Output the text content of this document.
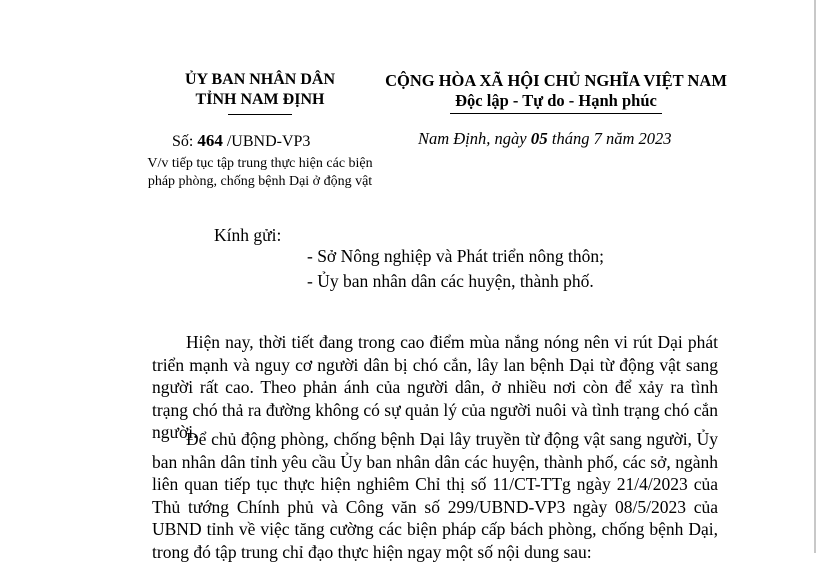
ỦY BAN NHÂN DÂN
TỈNH NAM ĐỊNH
Số: 464 /UBND-VP3
V/v tiếp tục tập trung thực hiện các biện
pháp phòng, chống bệnh Dại ở động vật
CỘNG HÒA XÃ HỘI CHỦ NGHĨA VIỆT NAM
Độc lập - Tự do - Hạnh phúc
Nam Định, ngày 05 tháng 7 năm 2023
Kính gửi:
- Sở Nông nghiệp và Phát triển nông thôn;
- Ủy ban nhân dân các huyện, thành phố.
Hiện nay, thời tiết đang trong cao điểm mùa nắng nóng nên vi rút Dại phát triển mạnh và nguy cơ người dân bị chó cắn, lây lan bệnh Dại từ động vật sang người rất cao. Theo phản ánh của người dân, ở nhiều nơi còn để xảy ra tình trạng chó thả ra đường không có sự quản lý của người nuôi và tình trạng chó cắn người.
Để chủ động phòng, chống bệnh Dại lây truyền từ động vật sang người, Ủy ban nhân dân tỉnh yêu cầu Ủy ban nhân dân các huyện, thành phố, các sở, ngành liên quan tiếp tục thực hiện nghiêm Chỉ thị số 11/CT-TTg ngày 21/4/2023 của Thủ tướng Chính phủ và Công văn số 299/UBND-VP3 ngày 08/5/2023 của UBND tỉnh về việc tăng cường các biện pháp cấp bách phòng, chống bệnh Dại, trong đó tập trung chỉ đạo thực hiện ngay một số nội dung sau:
